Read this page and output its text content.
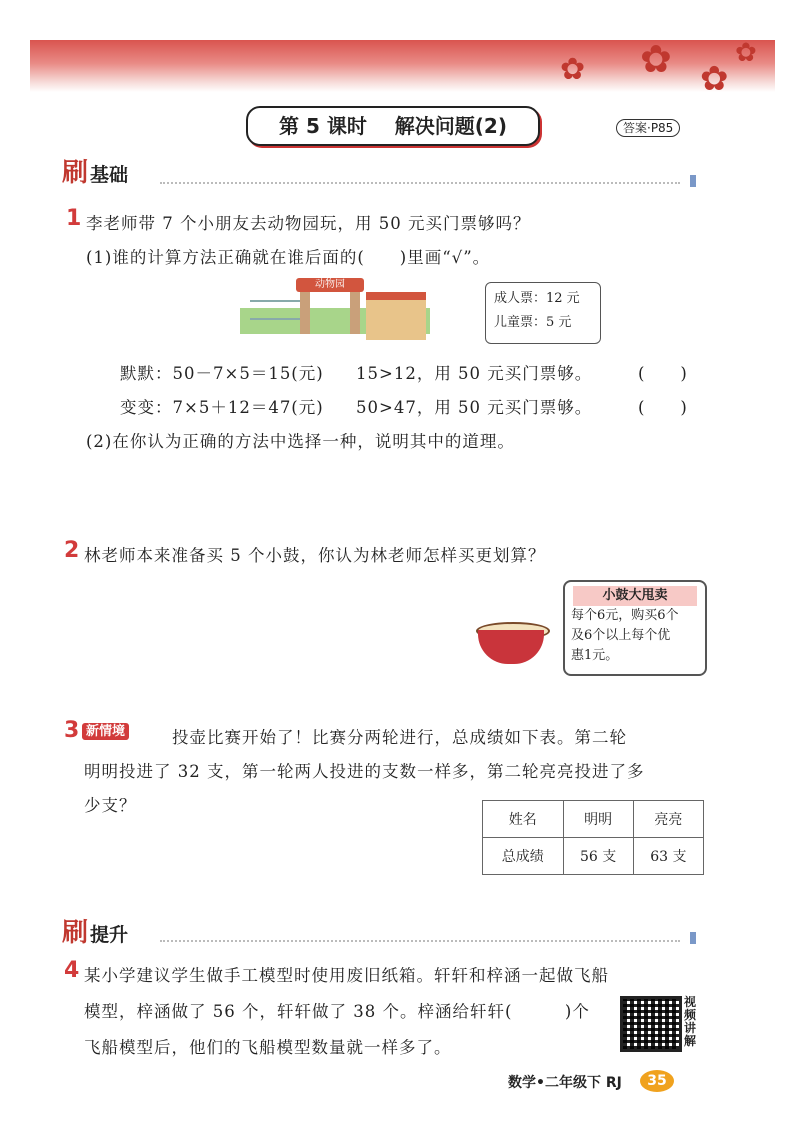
✿ ✿ ✿
✿
第 5 课时 解决问题(2)	答案·P85
刷 基础
1 李老师带 7 个小朋友去动物园玩，用 50 元买门票够吗？
(1)谁的计算方法正确就在谁后面的(　　)里画“√”。
动物园
成人票：12 元
儿童票：5 元
默默：50－7×5＝15(元) 15>12，用 50 元买门票够。	(　　)
变变：7×5＋12＝47(元) 50>47，用 50 元买门票够。	(　　)
(2)在你认为正确的方法中选择一种，说明其中的道理。
2 林老师本来准备买 5 个小鼓，你认为林老师怎样买更划算？
小鼓大甩卖
每个6元，购买6个
及6个以上每个优
惠1元。
3 新情境	投壶比赛开始了！比赛分两轮进行，总成绩如下表。第二轮
明明投进了 32 支，第一轮两人投进的支数一样多，第二轮亮亮投进了多
少支？
姓名	明明	亮亮
总成绩	56 支	63 支
刷 提升
4 某小学建议学生做手工模型时使用废旧纸箱。轩轩和梓涵一起做飞船
模型，梓涵做了 56 个，轩轩做了 38 个。梓涵给轩轩(　　　)个
飞船模型后，他们的飞船模型数量就一样多了。
视频讲解
数学•二年级下 RJ	35
